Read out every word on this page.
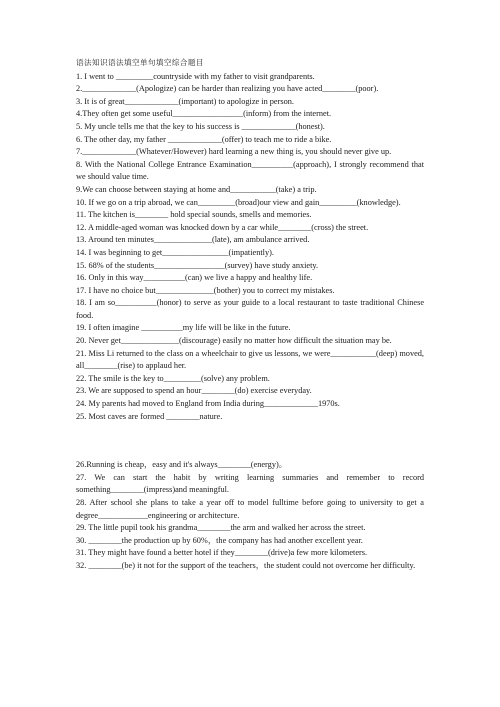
语法知识语法填空单句填空综合题目

1. I went to _________countryside with my father to visit grandparents.

2._____________(Apologize) can be harder than realizing you have acted________(poor).

3. It is of great_____________(important) to apologize in person.

4.They often get some useful_________________(inform) from the internet.

5. My uncle tells me that the key to his success is _____________(honest).

6. The other day, my father _____________(offer) to teach me to ride a bike.

7._____________(Whatever/However) hard learning a new thing is, you should never give up.

8. With the National College Entrance Examination__________(approach), I strongly recommend that we should value time.

9.We can choose between staying at home and___________(take) a trip.

10. If we go on a trip abroad, we can_________(broad)our view and gain_________(knowledge).

11. The kitchen is________ hold special sounds, smells and memories.

12. A middle-aged woman was knocked down by a car while________(cross) the street.

13. Around ten minutes______________(late), am ambulance arrived.

14. I was beginning to get________________(impatiently).

15. 68% of the students_________________(survey) have study anxiety.

16. Only in this way__________(can) we live a happy and healthy life.

17. I have no choice but______________(bother) you to correct my mistakes.

18. I am so__________(honor) to serve as your guide to a local restaurant to taste traditional Chinese food.

19. I often imagine __________my life will be like in the future.

20. Never get______________(discourage) easily no matter how difficult the situation may be.

21. Miss Li returned to the class on a wheelchair to give us lessons, we were___________(deep) moved, all________(rise) to applaud her.

22. The smile is the key to_________(solve) any problem.

23. We are supposed to spend an hour________(do) exercise everyday.

24. My parents had moved to England from India during_____________1970s.

25. Most caves are formed ________nature.

26.Running is cheap，easy and it's always________(energy)。

27. We can start the habit by writing learning summaries and remember to record something________(impress)and meaningful.

28. After school she plans to take a year off to model fulltime before going to university to get a degree____________engineering or architecture.

29. The little pupil took his grandma________the arm and walked her across the street.

30. ________the production up by 60%，the company has had another excellent year.

31. They might have found a better hotel if they________(drive)a few more kilometers.

32. ________(be) it not for the support of the teachers，the student could not overcome her difficulty.
